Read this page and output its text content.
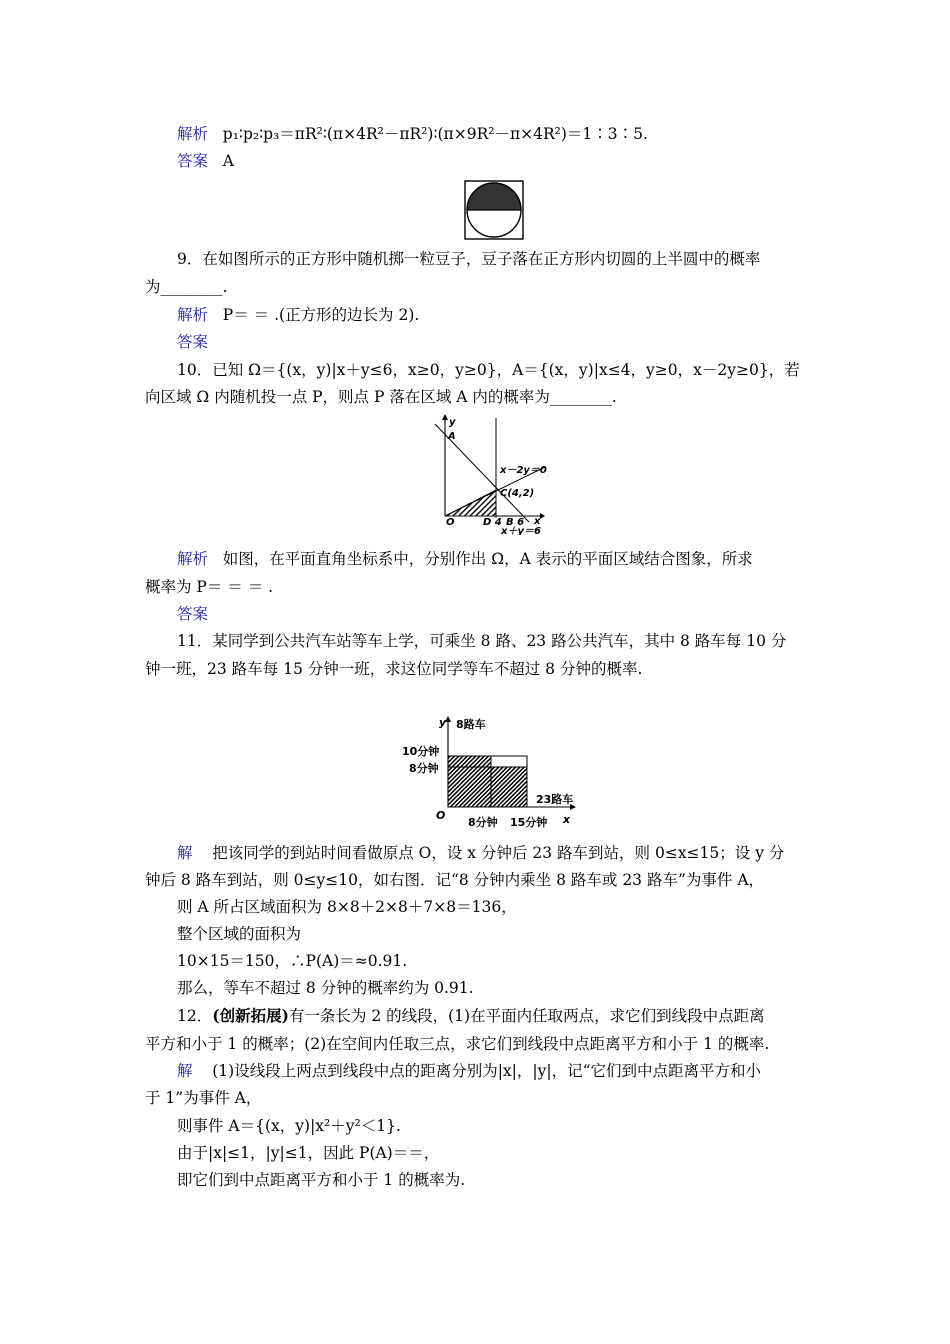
解析 p₁∶p₂∶p₃＝πR²∶(π×4R²－πR²)∶(π×9R²－π×4R²)＝1∶3∶5.
答案 A
9．在如图所示的正方形中随机掷一粒豆子，豆子落在正方形内切圆的上半圆中的概率
为________.
解析 P＝ ＝ .(正方形的边长为 2).
答案
10．已知 Ω＝{(x，y)|x＋y≤6，x≥0，y≥0}，A＝{(x，y)|x≤4，y≥0，x－2y≥0}，若
向区域 Ω 内随机投一点 P，则点 P 落在区域 A 内的概率为________.
y
A
x－2y＝0
C(4,2)
O	D 4 B 6 x
x＋y＝6
解析 如图，在平面直角坐标系中，分别作出 Ω，A 表示的平面区域结合图象，所求
概率为 P＝ ＝ ＝ .
答案
11．某同学到公共汽车站等车上学，可乘坐 8 路、23 路公共汽车，其中 8 路车每 10 分
钟一班，23 路车每 15 分钟一班，求这位同学等车不超过 8 分钟的概率.
y 8路车
10分钟
8分钟
23路车
O
8分钟 15分钟 x
解 把该同学的到站时间看做原点 O，设 x 分钟后 23 路车到站，则 0≤x≤15；设 y 分
钟后 8 路车到站，则 0≤y≤10，如右图．记“8 分钟内乘坐 8 路车或 23 路车”为事件 A，
则 A 所占区域面积为 8×8＋2×8＋7×8＝136，
整个区域的面积为
10×15＝150，∴P(A)＝≈0.91.
那么，等车不超过 8 分钟的概率约为 0.91.
12．(创新拓展)有一条长为 2 的线段，(1)在平面内任取两点，求它们到线段中点距离
平方和小于 1 的概率；(2)在空间内任取三点，求它们到线段中点距离平方和小于 1 的概率.
解 (1)设线段上两点到线段中点的距离分别为|x|，|y|，记“它们到中点距离平方和小
于 1”为事件 A，
则事件 A＝{(x，y)|x²＋y²＜1}.
由于|x|≤1，|y|≤1，因此 P(A)＝＝，
即它们到中点距离平方和小于 1 的概率为.
